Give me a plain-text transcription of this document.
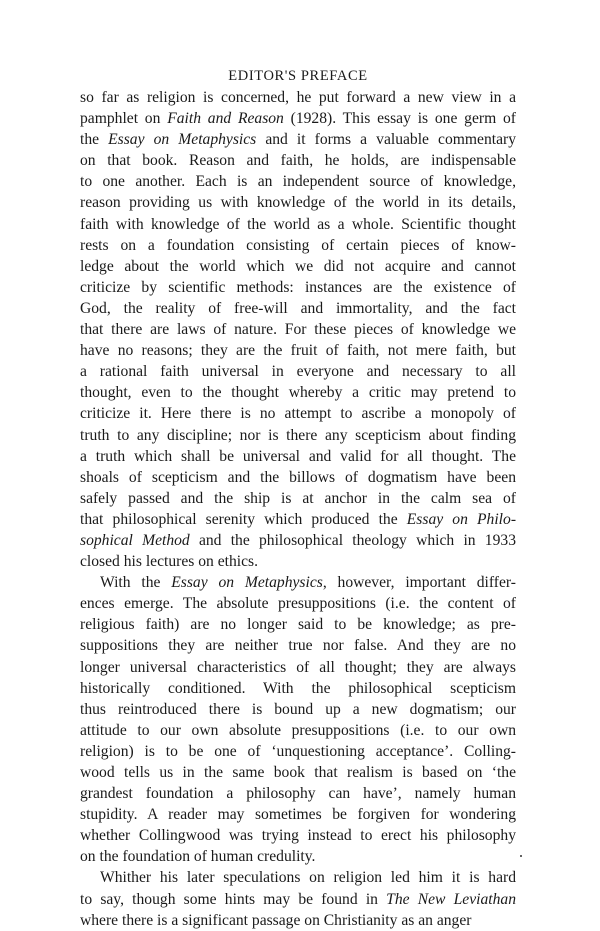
EDITOR'S PREFACE
so far as religion is concerned, he put forward a new view in a
pamphlet on Faith and Reason (1928). This essay is one germ of
the Essay on Metaphysics and it forms a valuable commentary
on that book. Reason and faith, he holds, are indispensable
to one another. Each is an independent source of knowledge,
reason providing us with knowledge of the world in its details,
faith with knowledge of the world as a whole. Scientific thought
rests on a foundation consisting of certain pieces of know-
ledge about the world which we did not acquire and cannot
criticize by scientific methods: instances are the existence of
God, the reality of free-will and immortality, and the fact
that there are laws of nature. For these pieces of knowledge we
have no reasons; they are the fruit of faith, not mere faith, but
a rational faith universal in everyone and necessary to all
thought, even to the thought whereby a critic may pretend to
criticize it. Here there is no attempt to ascribe a monopoly of
truth to any discipline; nor is there any scepticism about finding
a truth which shall be universal and valid for all thought. The
shoals of scepticism and the billows of dogmatism have been
safely passed and the ship is at anchor in the calm sea of
that philosophical serenity which produced the Essay on Philo-
sophical Method and the philosophical theology which in 1933
closed his lectures on ethics.
With the Essay on Metaphysics, however, important differ-
ences emerge. The absolute presuppositions (i.e. the content of
religious faith) are no longer said to be knowledge; as pre-
suppositions they are neither true nor false. And they are no
longer universal characteristics of all thought; they are always
historically conditioned. With the philosophical scepticism
thus reintroduced there is bound up a new dogmatism; our
attitude to our own absolute presuppositions (i.e. to our own
religion) is to be one of ‘unquestioning acceptance’. Colling-
wood tells us in the same book that realism is based on ‘the
grandest foundation a philosophy can have’, namely human
stupidity. A reader may sometimes be forgiven for wondering
whether Collingwood was trying instead to erect his philosophy
on the foundation of human credulity.
Whither his later speculations on religion led him it is hard
to say, though some hints may be found in The New Leviathan
where there is a significant passage on Christianity as an anger
